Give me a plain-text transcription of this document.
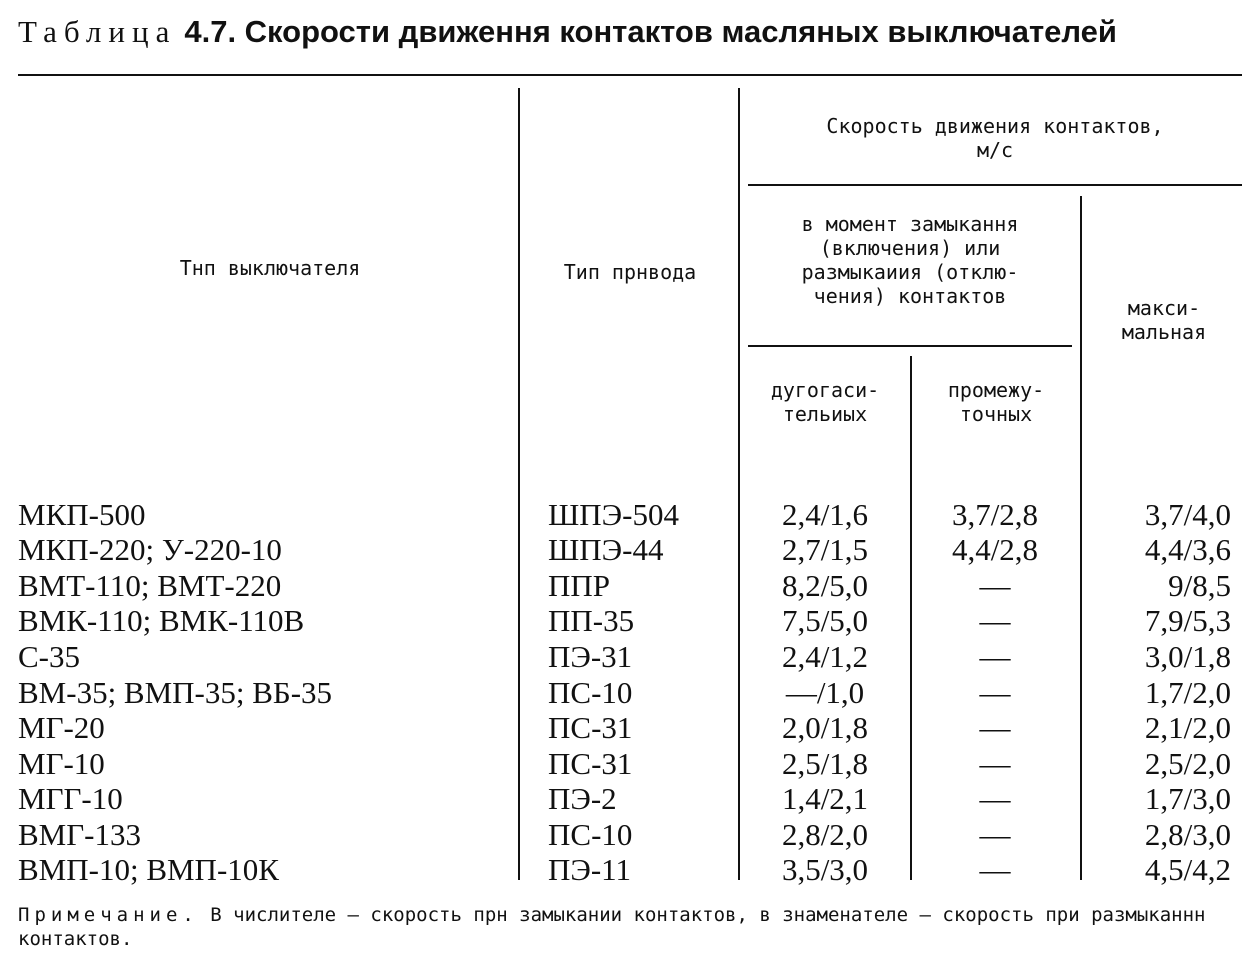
Таблица 4.7. Скорости движення контактов масляных выключателей
Тнп выключателя	Тип прнвода
Скорость движения контактов,
м/с
в момент замыкання
(включения) или
размыкаиия (отклю-
чения) контактов
дугогаси-
тельиых
промежу-
точных
макси-
мальная
МКП-500	ШПЭ-504	2,4/1,6	3,7/2,8	3,7/4,0
МКП-220; У-220-10	ШПЭ-44	2,7/1,5	4,4/2,8	4,4/3,6
ВМТ-110; ВМТ-220	ППР	8,2/5,0	—	9/8,5
ВМК-110; ВМК-110В	ПП-35	7,5/5,0	—	7,9/5,3
С-35	ПЭ-31	2,4/1,2	—	3,0/1,8
ВМ-35; ВМП-35; ВБ-35	ПС-10	—/1,0	—	1,7/2,0
МГ-20	ПС-31	2,0/1,8	—	2,1/2,0
МГ-10	ПС-31	2,5/1,8	—	2,5/2,0
МГГ-10	ПЭ-2	1,4/2,1	—	1,7/3,0
ВМГ-133	ПС-10	2,8/2,0	—	2,8/3,0
ВМП-10; ВМП-10К	ПЭ-11	3,5/3,0	—	4,5/4,2
Примечание. В числителе — скорость прн замыкании контактов, в знаменателе — скорость при размыканнн контактов.
